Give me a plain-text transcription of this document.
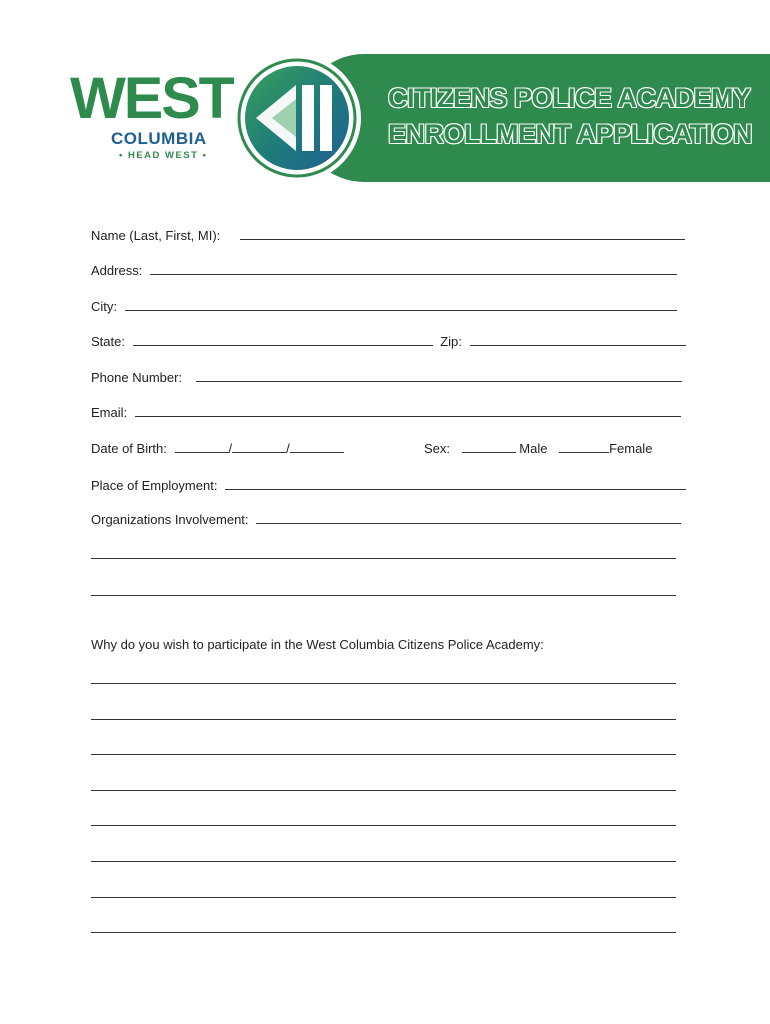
CITIZENS POLICE ACADEMY
ENROLLMENT APPLICATION
WEST
COLUMBIA
• HEAD WEST •
Name (Last, First, MI):
Address:
City:
State:	Zip:
Phone Number:
Email:
Date of Birth:	/	/	Sex:	Male	Female
Place of Employment:
Organizations Involvement:
Why do you wish to participate in the West Columbia Citizens Police Academy:
